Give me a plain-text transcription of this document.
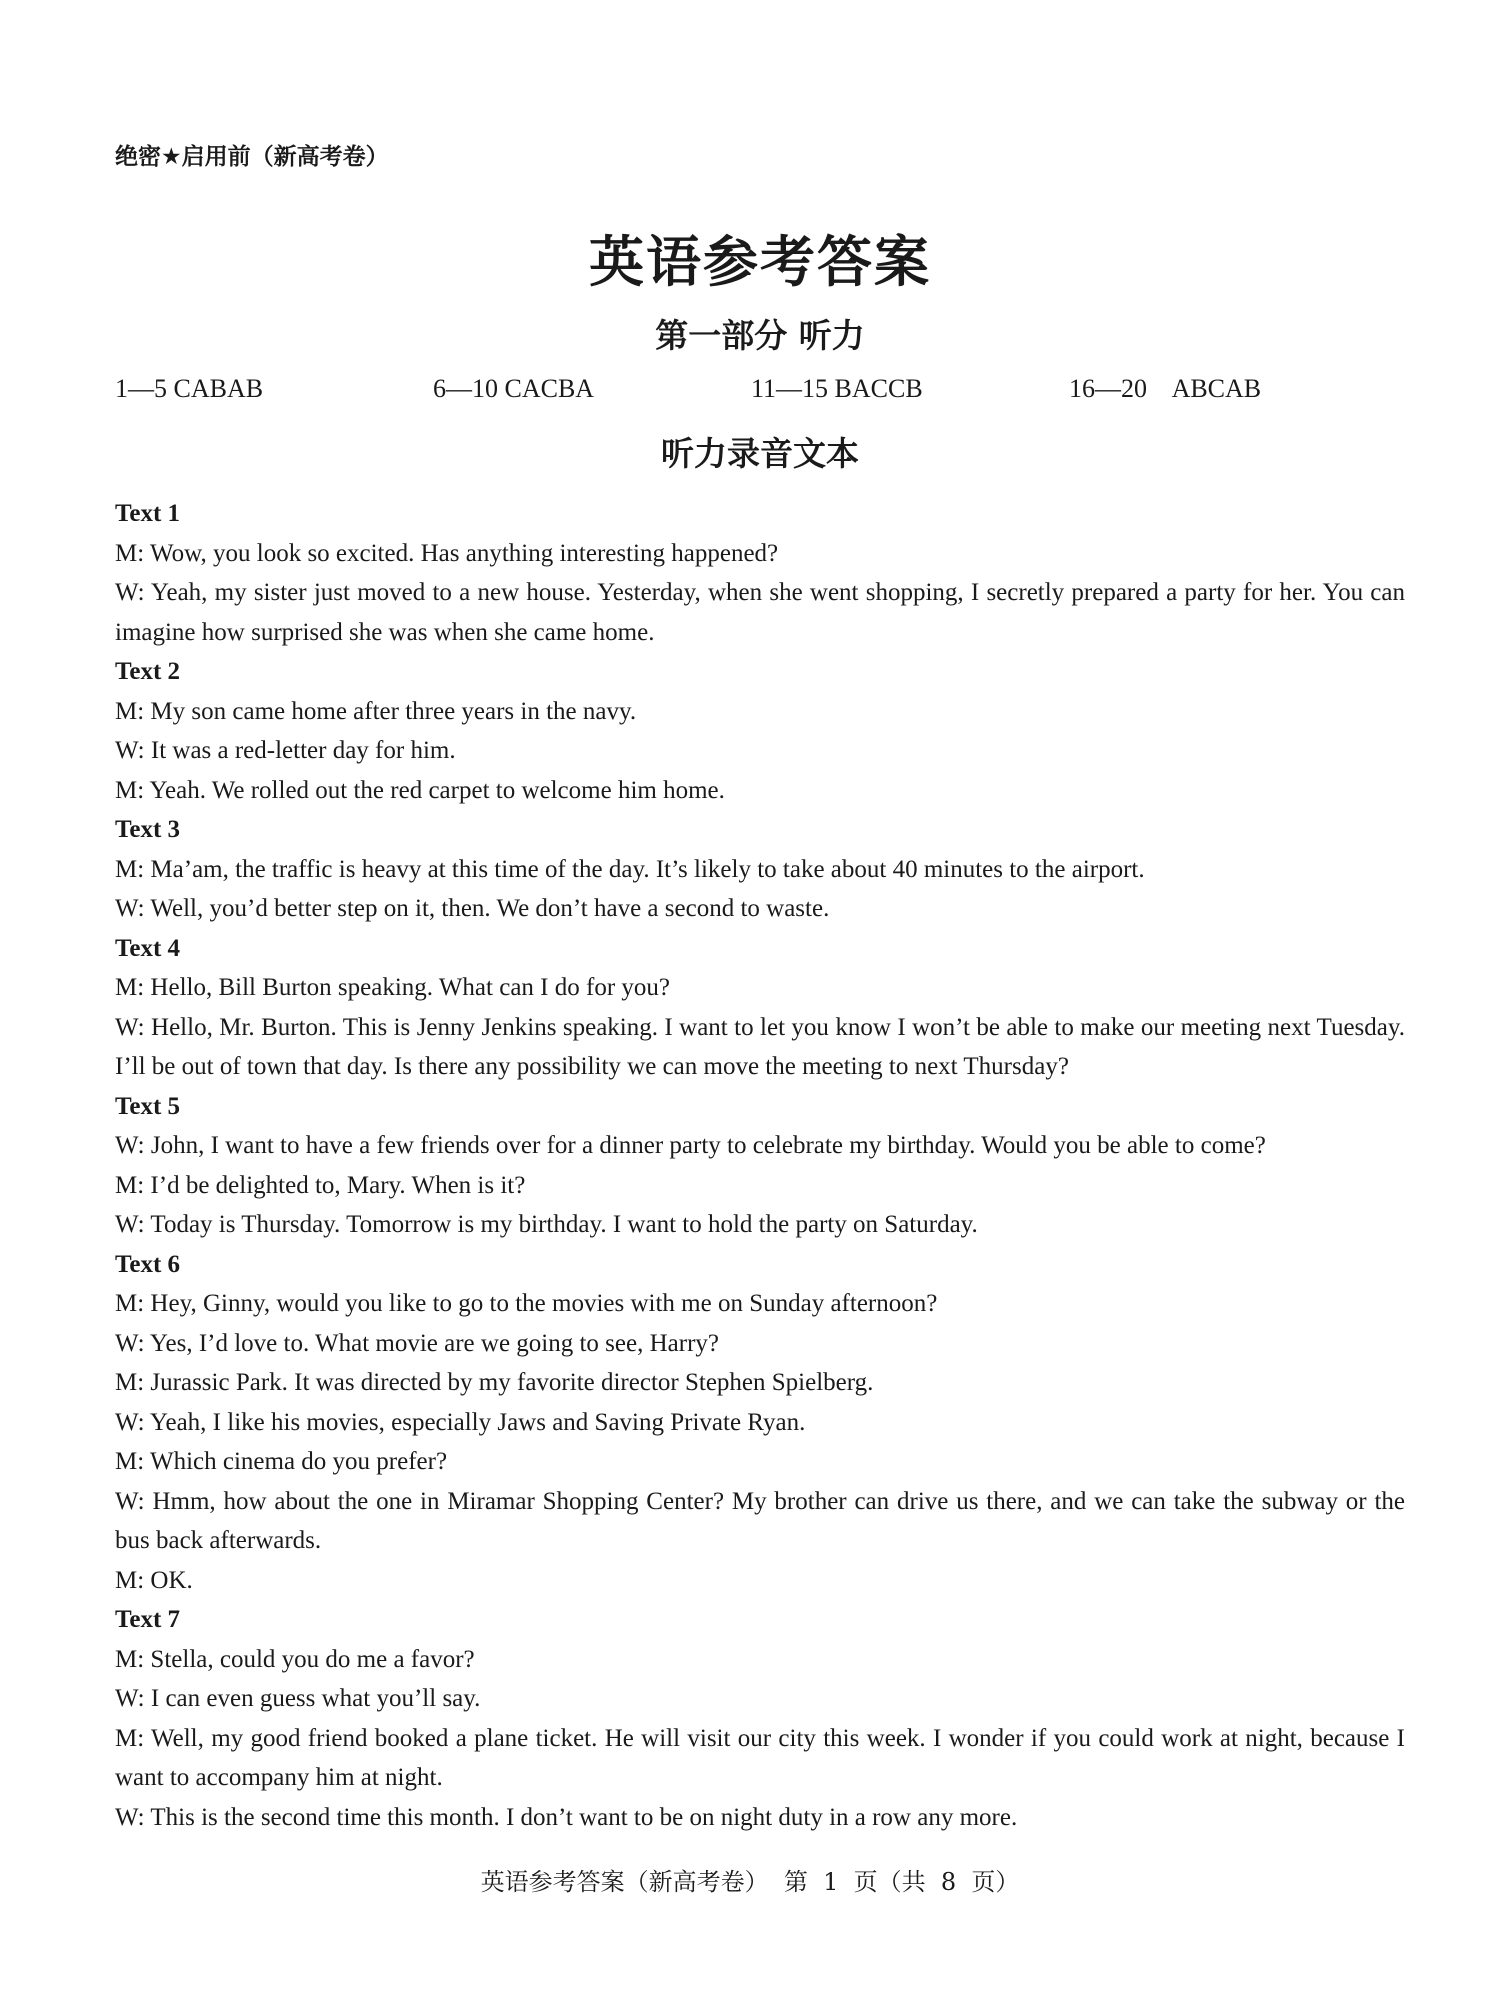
绝密★启用前（新高考卷）
英语参考答案
第一部分 听力
1—5 CABAB	6—10 CACBA	11—15 BACCB	16—20    ABCAB
听力录音文本

Text 1

M: Wow, you look so excited. Has anything interesting happened?

W: Yeah, my sister just moved to a new house. Yesterday, when she went shopping, I secretly prepared a party for her. You can imagine how surprised she was when she came home.

Text 2

M: My son came home after three years in the navy.

W: It was a red-letter day for him.

M: Yeah. We rolled out the red carpet to welcome him home.

Text 3

M: Ma’am, the traffic is heavy at this time of the day. It’s likely to take about 40 minutes to the airport.

W: Well, you’d better step on it, then. We don’t have a second to waste.

Text 4

M: Hello, Bill Burton speaking. What can I do for you?

W: Hello, Mr. Burton. This is Jenny Jenkins speaking. I want to let you know I won’t be able to make our meeting next Tuesday. I’ll be out of town that day. Is there any possibility we can move the meeting to next Thursday?

Text 5

W: John, I want to have a few friends over for a dinner party to celebrate my birthday. Would you be able to come?

M: I’d be delighted to, Mary. When is it?

W: Today is Thursday. Tomorrow is my birthday. I want to hold the party on Saturday.

Text 6

M: Hey, Ginny, would you like to go to the movies with me on Sunday afternoon?

W: Yes, I’d love to. What movie are we going to see, Harry?

M: Jurassic Park. It was directed by my favorite director Stephen Spielberg.

W: Yeah, I like his movies, especially Jaws and Saving Private Ryan.

M: Which cinema do you prefer?

W: Hmm, how about the one in Miramar Shopping Center? My brother can drive us there, and we can take the subway or the bus back afterwards.

M: OK.

Text 7

M: Stella, could you do me a favor?

W: I can even guess what you’ll say.

M: Well, my good friend booked a plane ticket. He will visit our city this week. I wonder if you could work at night, because I want to accompany him at night.

W: This is the second time this month. I don’t want to be on night duty in a row any more.

英语参考答案（新高考卷）  第  1  页（共  8  页）
